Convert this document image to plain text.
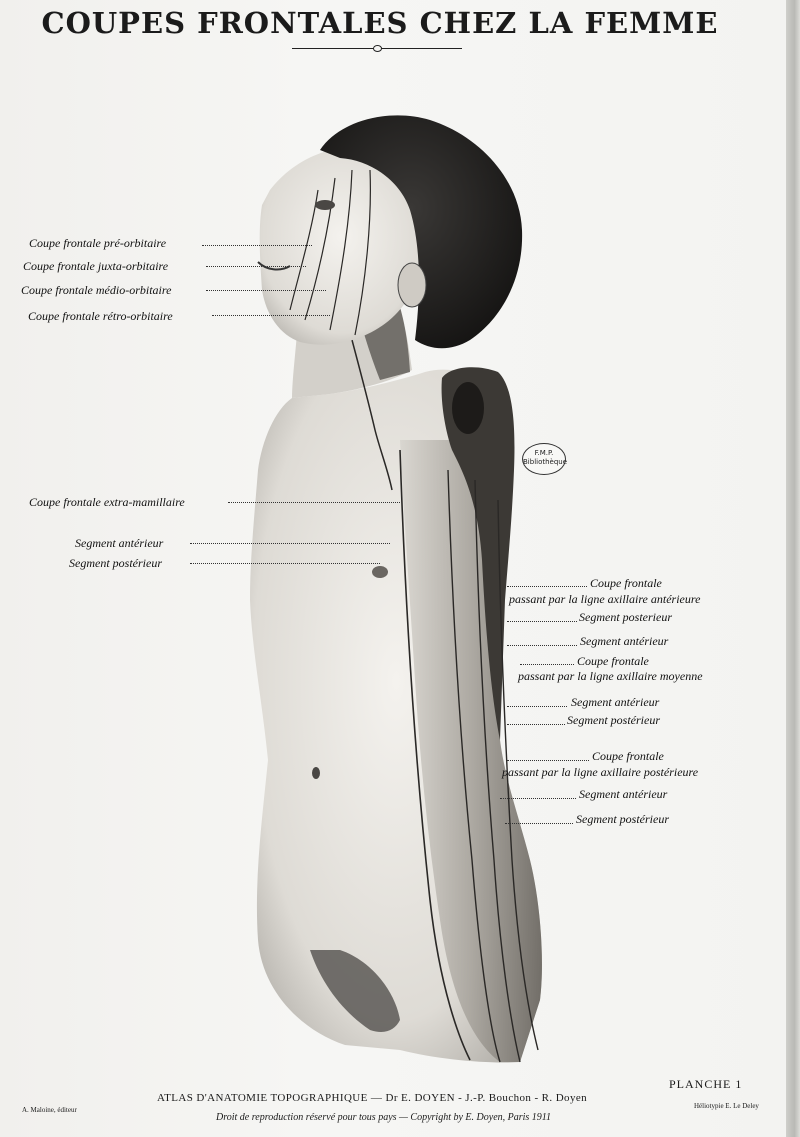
COUPES FRONTALES CHEZ LA FEMME
Coupe frontale pré-orbitaire
Coupe frontale juxta-orbitaire
Coupe frontale médio-orbitaire
Coupe frontale rétro-orbitaire
Coupe frontale extra-mamillaire
Segment antérieur
Segment postérieur
Coupe frontale
passant par la ligne axillaire antérieure
Segment posterieur
Segment antérieur
Coupe frontale
passant par la ligne axillaire moyenne
Segment antérieur
Segment postérieur
Coupe frontale
passant par la ligne axillaire postérieure
Segment antérieur
Segment postérieur
F.M.P.
Bibliothèque
ATLAS D'ANATOMIE TOPOGRAPHIQUE — Dr E. DOYEN - J.-P. Bouchon - R. Doyen
Droit de reproduction réservé pour tous pays — Copyright by E. Doyen, Paris 1911
PLANCHE 1
A. Maloine, éditeur	Héliotypie E. Le Deley
